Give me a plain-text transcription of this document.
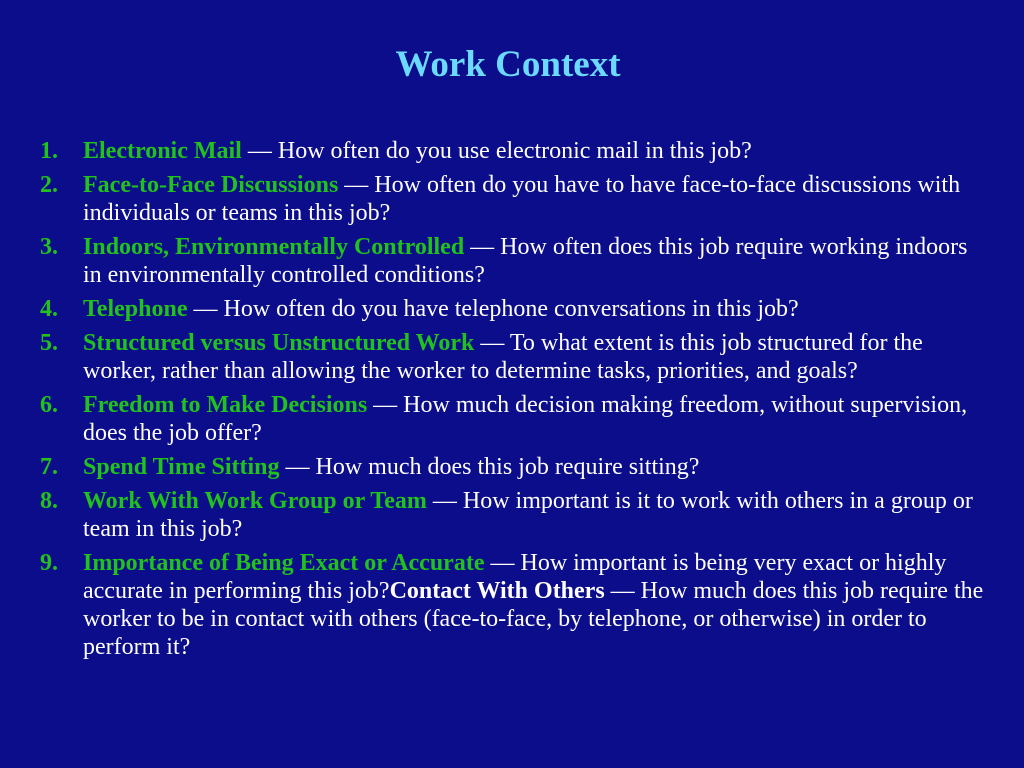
Work Context
1. Electronic Mail — How often do you use electronic mail in this job?
2. Face-to-Face Discussions — How often do you have to have face-to-face discussions with individuals or teams in this job?
3. Indoors, Environmentally Controlled — How often does this job require working indoors in environmentally controlled conditions?
4. Telephone — How often do you have telephone conversations in this job?
5. Structured versus Unstructured Work — To what extent is this job structured for the worker, rather than allowing the worker to determine tasks, priorities, and goals?
6. Freedom to Make Decisions — How much decision making freedom, without supervision, does the job offer?
7. Spend Time Sitting — How much does this job require sitting?
8. Work With Work Group or Team — How important is it to work with others in a group or team in this job?
9. Importance of Being Exact or Accurate — How important is being very exact or highly accurate in performing this job?Contact With Others — How much does this job require the worker to be in contact with others (face-to-face, by telephone, or otherwise) in order to perform it?
